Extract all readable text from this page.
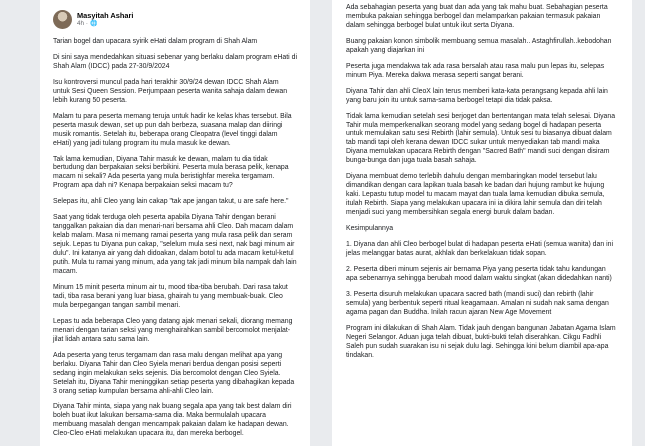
Masyitah Ashari
4h · 🌐

Tarian bogel dan upacara syirik eHati dalam program di Shah Alam

Di sini saya mendedahkan situasi sebenar yang berlaku dalam program eHati di Shah Alam (IDCC) pada 27-30/9/2024

Isu kontroversi muncul pada hari terakhir 30/9/24 dewan IDCC Shah Alam untuk Sesi Queen Session. Perjumpaan peserta wanita sahaja dalam dewan lebih kurang 50 peserta.

Malam tu para peserta memang teruja untuk hadir ke kelas khas tersebut. Bila peserta masuk dewan, set up pun dah berbeza, suasana malap dan diiringi musik romantis. Setelah itu, beberapa orang Cleopatra (level tinggi dalam eHati) yang jadi tulang program itu mula masuk ke dewan.

Tak lama kemudian, Diyana Tahir masuk ke dewan, malam tu dia tidak bertudung dan berpakaian seksi berbikini. Peserta mula berasa pelik, kenapa macam ni sekali? Ada peserta yang mula beristighfar mereka tergamam. Program apa dah ni? Kenapa berpakaian seksi macam tu?

Selepas itu, ahli Cleo yang lain cakap "tak ape jangan takut, u are safe here."

Saat yang tidak terduga oleh peserta apabila Diyana Tahir dengan berani tanggalkan pakaian dia dan menari-nari bersama ahli Cleo. Dah macam dalam kelab malam. Masa ni memang ramai peserta yang mula rasa pelik dan seram sejuk. Lepas tu Diyana pun cakap, "selelum mula sesi next, nak bagi minum air dulu". Ini katanya air yang dah didoakan, dalam botol tu ada macam ketul-ketul putih. Mula tu ramai yang minum, ada yang tak jadi minum bila nampak dah lain macam.

Minum 15 minit peserta minum air tu, mood tiba-tiba berubah. Dari rasa takut tadi, tiba rasa berani yang luar biasa, ghairah tu yang membuak-buak. Cleo mula berpegangan tangan sambil menari.

Lepas tu ada beberapa Cleo yang datang ajak menari sekali, diorang memang menari dengan tarian seksi yang menghairahkan sambil bercomolot menjalat-jilat lidah antara satu sama lain.

Ada peserta yang terus tergamam dan rasa malu dengan melihat apa yang berlaku. Diyana Tahir dan Cleo Syiela menari berdua dengan posisi seperti sedang ingin melakukan seks sejenis. Dia bercomolot dengan Cleo Syiela. Setelah itu, Diyana Tahir meninggikan setiap peserta yang dibahagikan kepada 3 orang setiap kumpulan bersama ahli-ahli Cleo lain.

Diyana Tahir minta, siapa yang nak buang segala apa yang tak best dalam diri boleh buat ikut lakukan bersama-sama dia. Maka bermulalah upacara membuang masalah dengan mencampak pakaian dalam ke hadapan dewan. Cleo-Cleo eHati melakukan upacara itu, dan mereka berbogel.

Ada sebahagian peserta yang buat dan ada yang tak mahu buat. Sebahagian peserta membuka pakaian sehingga berbogel dan melamparkan pakaian termasuk pakaian dalam sehingga berbogel bulat untuk ikut serta Diyana.

Buang pakaian konon simbolik membuang semua masalah.. Astaghfirullah..kebodohan apakah yang diajarkan ini

Peserta juga mendakwa tak ada rasa bersalah atau rasa malu pun lepas itu, selepas minum Piya. Mereka dakwa merasa seperti sangat berani.

Diyana Tahir dan ahli CleoX lain terus memberi kata-kata perangsang kepada ahli lain yang baru join itu untuk sama-sama berbogel tetapi dia tidak paksa.

Tidak lama kemudian setelah sesi berjoget dan bertentangan mata telah selesai. Diyana Tahir mula memperkenalkan seorang model yang sedang bogel di hadapan peserta untuk memulakan satu sesi Rebirth (lahir semula). Untuk sesi tu biasanya dibuat dalam tab mandi tapi oleh kerana dewan IDCC sukar untuk menyediakan tab mandi maka Diyana memulakan upacara Rebirth dengan "Sacred Bath" mandi suci dengan disiram bunga-bunga dan juga tuala basah sahaja.

Diyana membuat demo terlebih dahulu dengan membaringkan model tersebut lalu dimandikan dengan cara lapikan tuala basah ke badan dari hujung rambut ke hujung kaki. Lepastu tutup model tu macam mayat dan tuala lama kemudian dibuka semula, itulah Rebirth. Siapa yang melakukan upacara ini ia dikira lahir semula dan diri telah menjadi suci yang membersihkan segala energi buruk dalam badan.

Kesimpulannya

1. Diyana dan ahli Cleo berbogel bulat di hadapan peserta eHati (semua wanita) dan ini jelas melanggar batas aurat, akhlak dan berkelakuan tidak sopan.

2. Peserta diberi minum sejenis air bernama Piya yang peserta tidak tahu kandungan apa sebenarnya sehingga berubah mood dalam waktu singkat (akan didedahkan nanti)

3. Peserta disuruh melakukan upacara sacred bath (mandi suci) dan rebirth (lahir semula) yang berbentuk seperti ritual keagamaan. Amalan ni sudah nak sama dengan agama pagan dan Buddha. Inilah racun ajaran New Age Movement

Program ini dilakukan di Shah Alam. Tidak jauh dengan bangunan Jabatan Agama Islam Negeri Selangor. Aduan juga telah dibuat, bukti-bukti telah diserahkan. Cikgu Fadhli Saleh pun sudah suarakan isu ni sejak dulu lagi. Sehingga kini belum diambil apa-apa tindakan.
